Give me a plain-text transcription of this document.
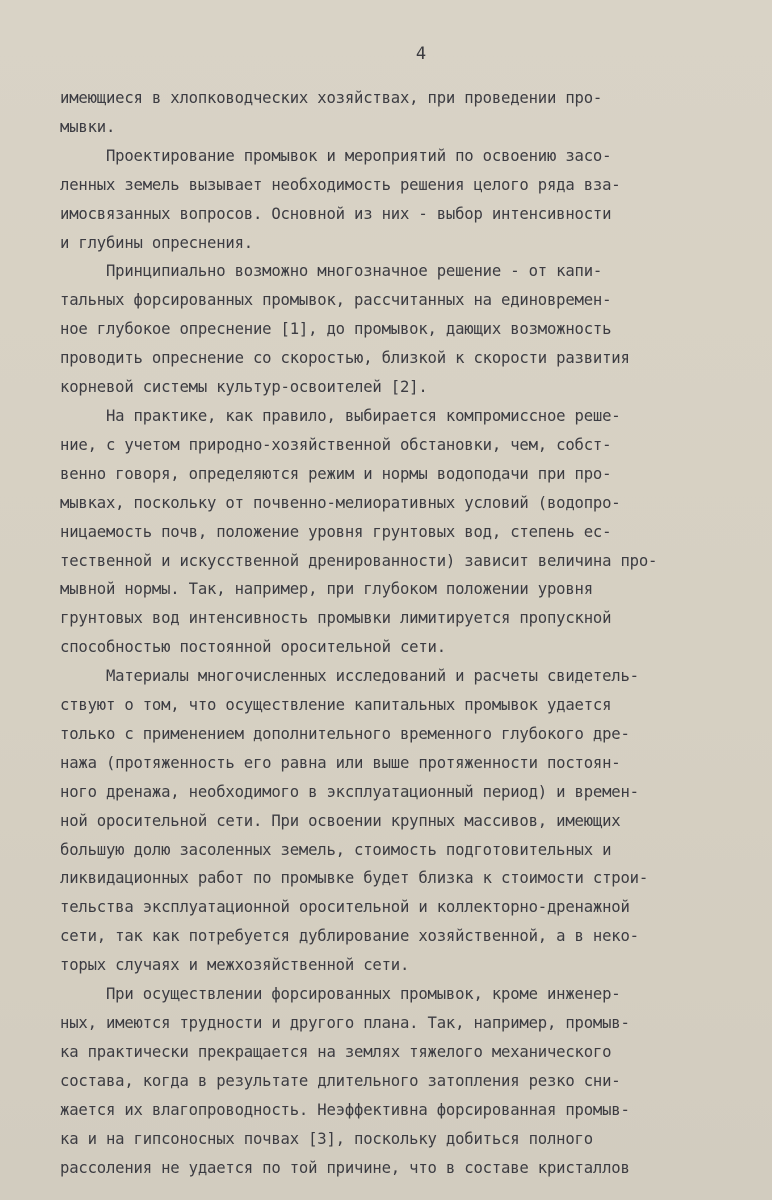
4
имеющиеся в хлопководческих хозяйствах, при проведении про-
мывки.
Проектирование промывок и мероприятий по освоению засо-
ленных земель вызывает необходимость решения целого ряда вза-
имосвязанных вопросов. Основной из них - выбор интенсивности
и глубины опреснения.
Принципиально возможно многозначное решение - от капи-
тальных форсированных промывок, рассчитанных на единовремен-
ное глубокое опреснение [1], до промывок, дающих возможность
проводить опреснение со скоростью, близкой к скорости развития
корневой системы культур-освоителей [2].
На практике, как правило, выбирается компромиссное реше-
ние, с учетом природно-хозяйственной обстановки, чем, собст-
венно говоря, определяются режим и нормы водоподачи при про-
мывках, поскольку от почвенно-мелиоративных условий (водопро-
ницаемость почв, положение уровня грунтовых вод, степень ес-
тественной и искусственной дренированности) зависит величина про-
мывной нормы. Так, например, при глубоком положении уровня
грунтовых вод интенсивность промывки лимитируется пропускной
способностью постоянной оросительной сети.
Материалы многочисленных исследований и расчеты свидетель-
ствуют о том, что осуществление капитальных промывок удается
только с применением дополнительного временного глубокого дре-
нажа (протяженность его равна или выше протяженности постоян-
ного дренажа, необходимого в эксплуатационный период) и времен-
ной оросительной сети. При освоении крупных массивов, имеющих
большую долю засоленных земель, стоимость подготовительных и
ликвидационных работ по промывке будет близка к стоимости строи-
тельства эксплуатационной оросительной и коллекторно-дренажной
сети, так как потребуется дублирование хозяйственной, а в неко-
торых случаях и межхозяйственной сети.
При осуществлении форсированных промывок, кроме инженер-
ных, имеются трудности и другого плана. Так, например, промыв-
ка практически прекращается на землях тяжелого механического
состава, когда в результате длительного затопления резко сни-
жается их влагопроводность. Неэффективна форсированная промыв-
ка и на гипсоносных почвах [3], поскольку добиться полного
рассоления не удается по той причине, что в составе кристаллов
